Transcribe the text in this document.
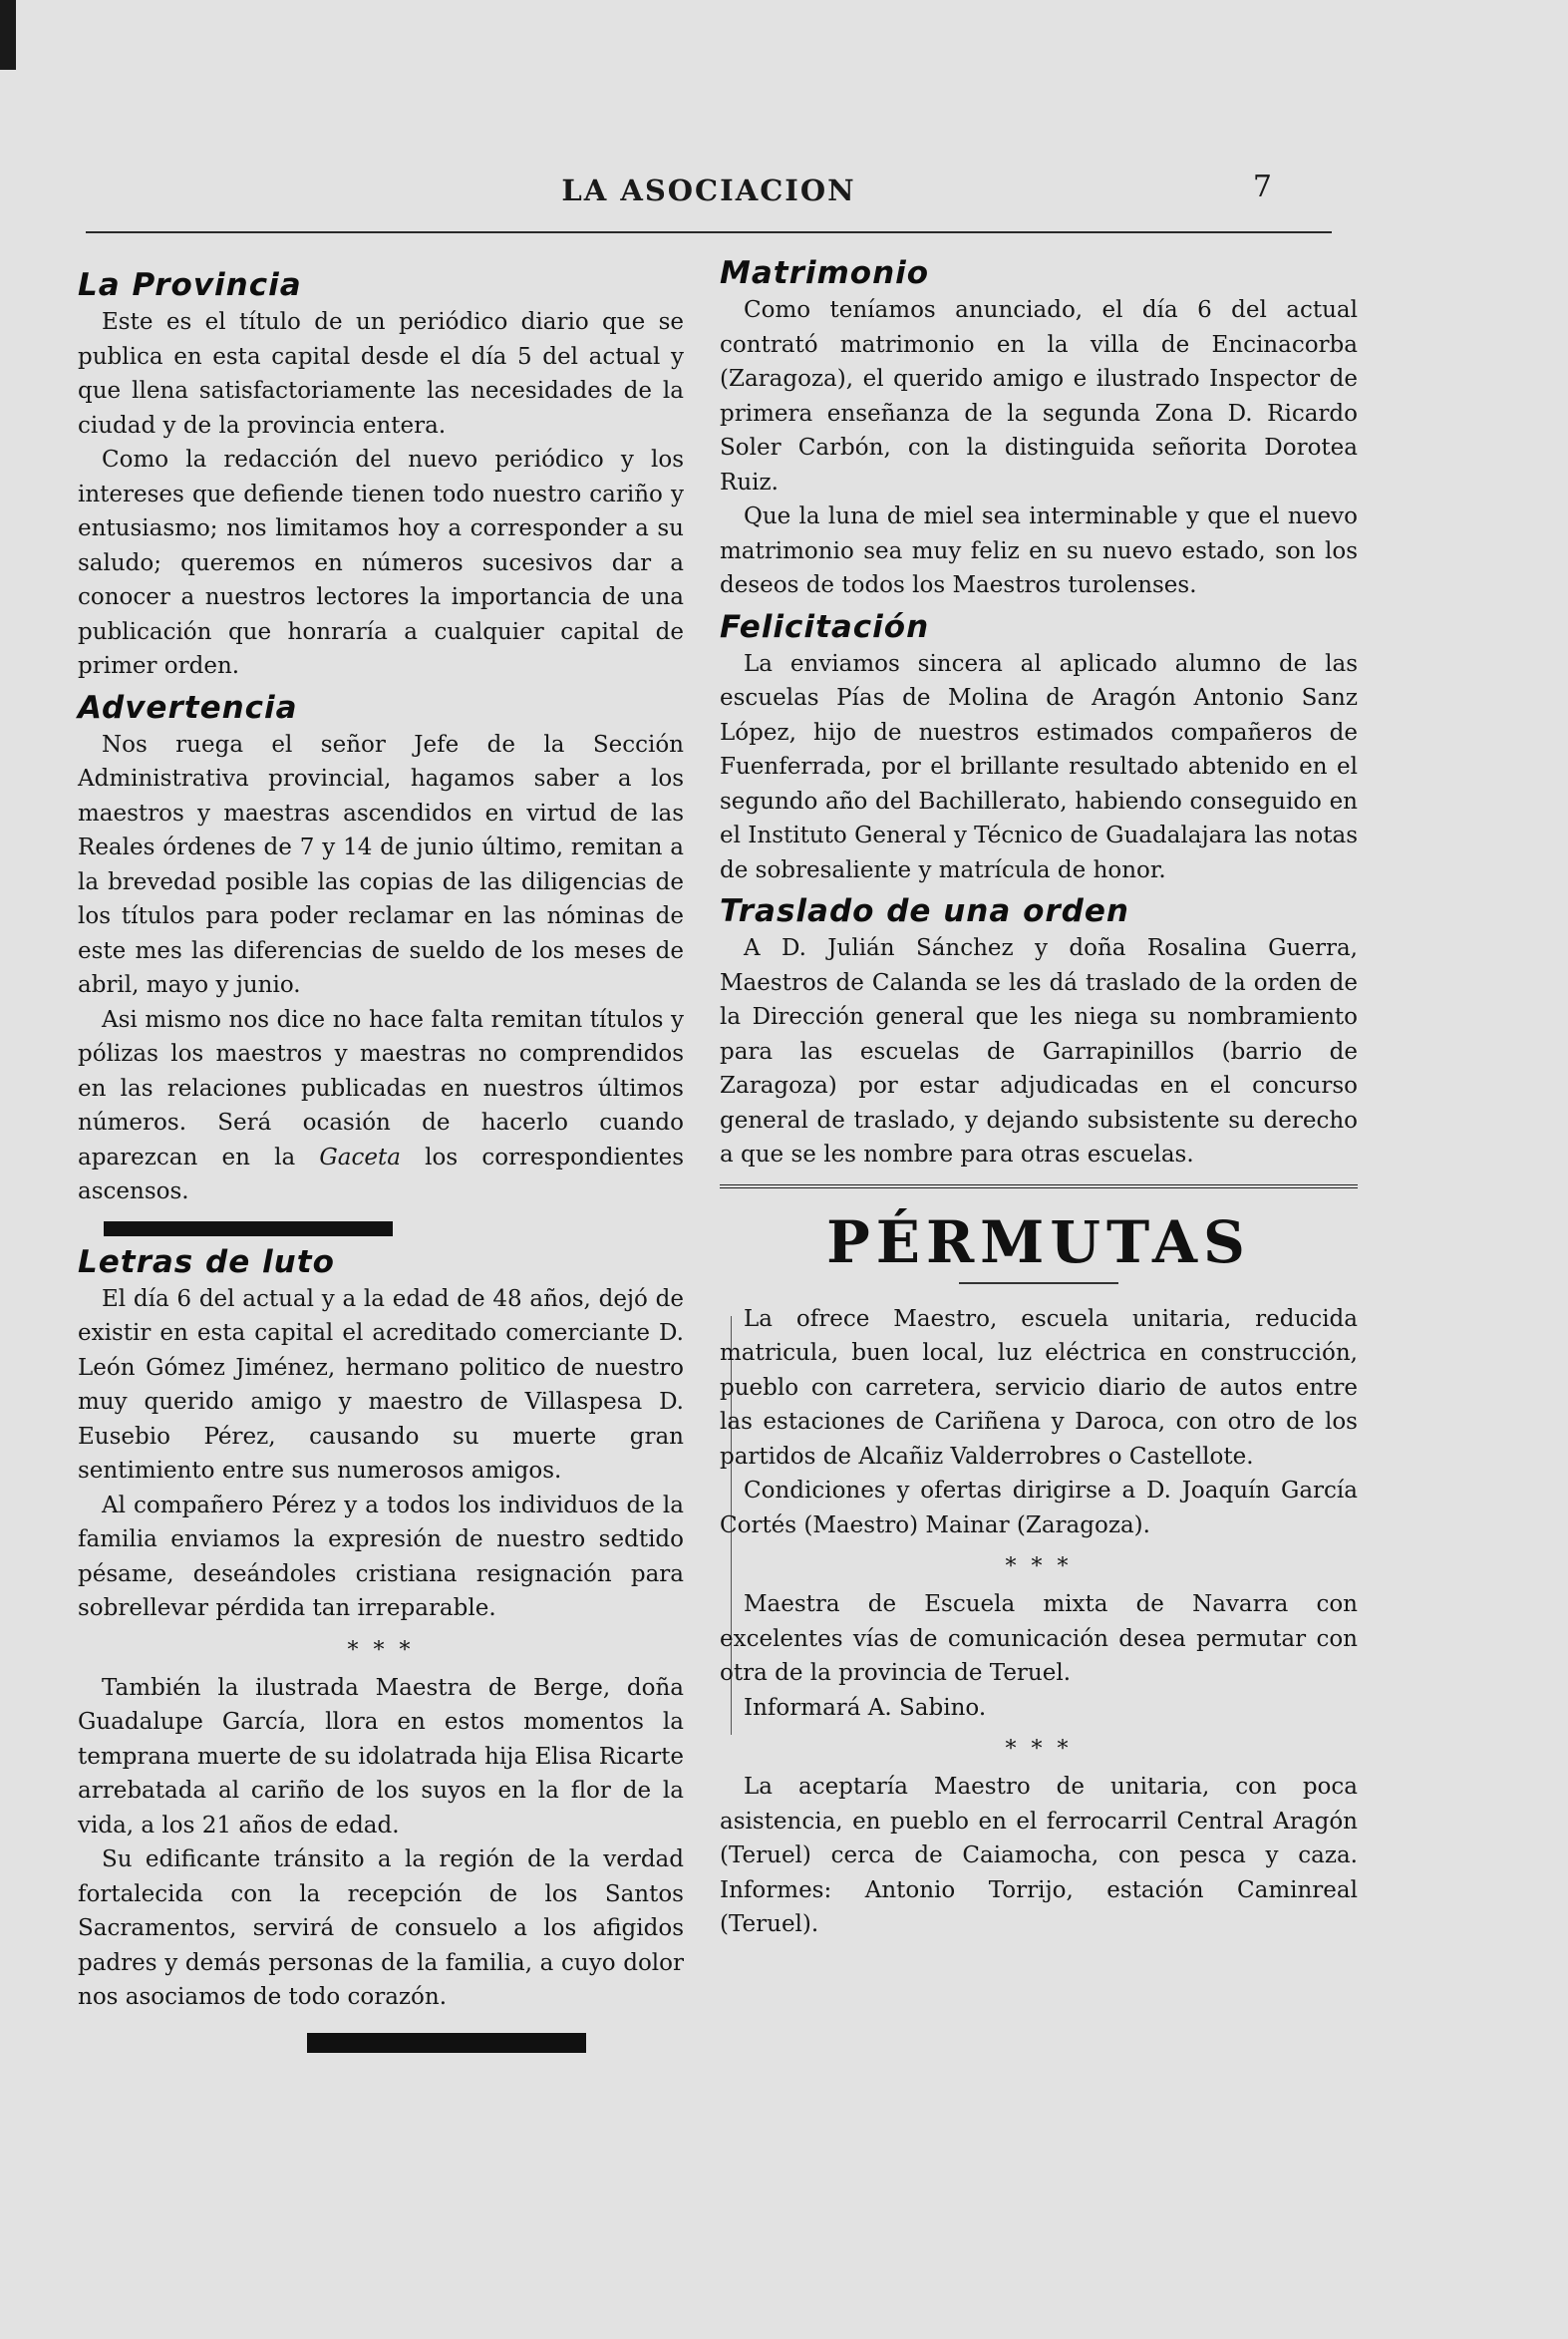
LA ASOCIACION	7
La Provincia

Este es el título de un periódico diario que se publica en esta capital desde el día 5 del actual y que llena satisfactoriamente las necesidades de la ciudad y de la provincia entera.

Como la redacción del nuevo periódico y los intereses que defiende tienen todo nuestro cariño y entusiasmo; nos limitamos hoy a corresponder a su saludo; queremos en números sucesivos dar a conocer a nuestros lectores la importancia de una publicación que honraría a cualquier capital de primer orden.

Advertencia

Nos ruega el señor Jefe de la Sección Administrativa provincial, hagamos saber a los maestros y maestras ascendidos en virtud de las Reales órdenes de 7 y 14 de junio último, remitan a la brevedad posible las copias de las diligencias de los títulos para poder reclamar en las nóminas de este mes las diferencias de sueldo de los meses de abril, mayo y junio.

Asi mismo nos dice no hace falta remitan títulos y pólizas los maestros y maestras no comprendidos en las relaciones publicadas en nuestros últimos números. Será ocasión de hacerlo cuando aparezcan en la Gaceta los correspondientes ascensos.

Letras de luto

El día 6 del actual y a la edad de 48 años, dejó de existir en esta capital el acreditado comerciante D. León Gómez Jiménez, hermano politico de nuestro muy querido amigo y maestro de Villaspesa D. Eusebio Pérez, causando su muerte gran sentimiento entre sus numerosos amigos.

Al compañero Pérez y a todos los individuos de la familia enviamos la expresión de nuestro sedtido pésame, deseándoles cristiana resignación para sobrellevar pérdida tan irreparable.

* * *

También la ilustrada Maestra de Berge, doña Guadalupe García, llora en estos momentos la temprana muerte de su idolatrada hija Elisa Ricarte arrebatada al cariño de los suyos en la flor de la vida, a los 21 años de edad.

Su edificante tránsito a la región de la verdad fortalecida con la recepción de los Santos Sacramentos, servirá de consuelo a los afigidos padres y demás personas de la familia, a cuyo dolor nos asociamos de todo corazón.

Matrimonio

Como teníamos anunciado, el día 6 del actual contrató matrimonio en la villa de Encinacorba (Zaragoza), el querido amigo e ilustrado Inspector de primera enseñanza de la segunda Zona D. Ricardo Soler Carbón, con la distinguida señorita Dorotea Ruiz.

Que la luna de miel sea interminable y que el nuevo matrimonio sea muy feliz en su nuevo estado, son los deseos de todos los Maestros turolenses.

Felicitación

La enviamos sincera al aplicado alumno de las escuelas Pías de Molina de Aragón Antonio Sanz López, hijo de nuestros estimados compañeros de Fuenferrada, por el brillante resultado abtenido en el segundo año del Bachillerato, habiendo conseguido en el Instituto General y Técnico de Guadalajara las notas de sobresaliente y matrícula de honor.

Traslado de una orden

A D. Julián Sánchez y doña Rosalina Guerra, Maestros de Calanda se les dá traslado de la orden de la Dirección general que les niega su nombramiento para las escuelas de Garrapinillos (barrio de Zaragoza) por estar adjudicadas en el concurso general de traslado, y dejando subsistente su derecho a que se les nombre para otras escuelas.

PÉRMUTAS

La ofrece Maestro, escuela unitaria, reducida matricula, buen local, luz eléctrica en construcción, pueblo con carretera, servicio diario de autos entre las estaciones de Cariñena y Daroca, con otro de los partidos de Alcañiz Valderrobres o Castellote.

Condiciones y ofertas dirigirse a D. Joaquín García Cortés (Maestro) Mainar (Zaragoza).

* * *

Maestra de Escuela mixta de Navarra con excelentes vías de comunicación desea permutar con otra de la provincia de Teruel.

Informará A. Sabino.

* * *

La aceptaría Maestro de unitaria, con poca asistencia, en pueblo en el ferrocarril Central Aragón (Teruel) cerca de Caiamocha, con pesca y caza. Informes: Antonio Torrijo, estación Caminreal (Teruel).
